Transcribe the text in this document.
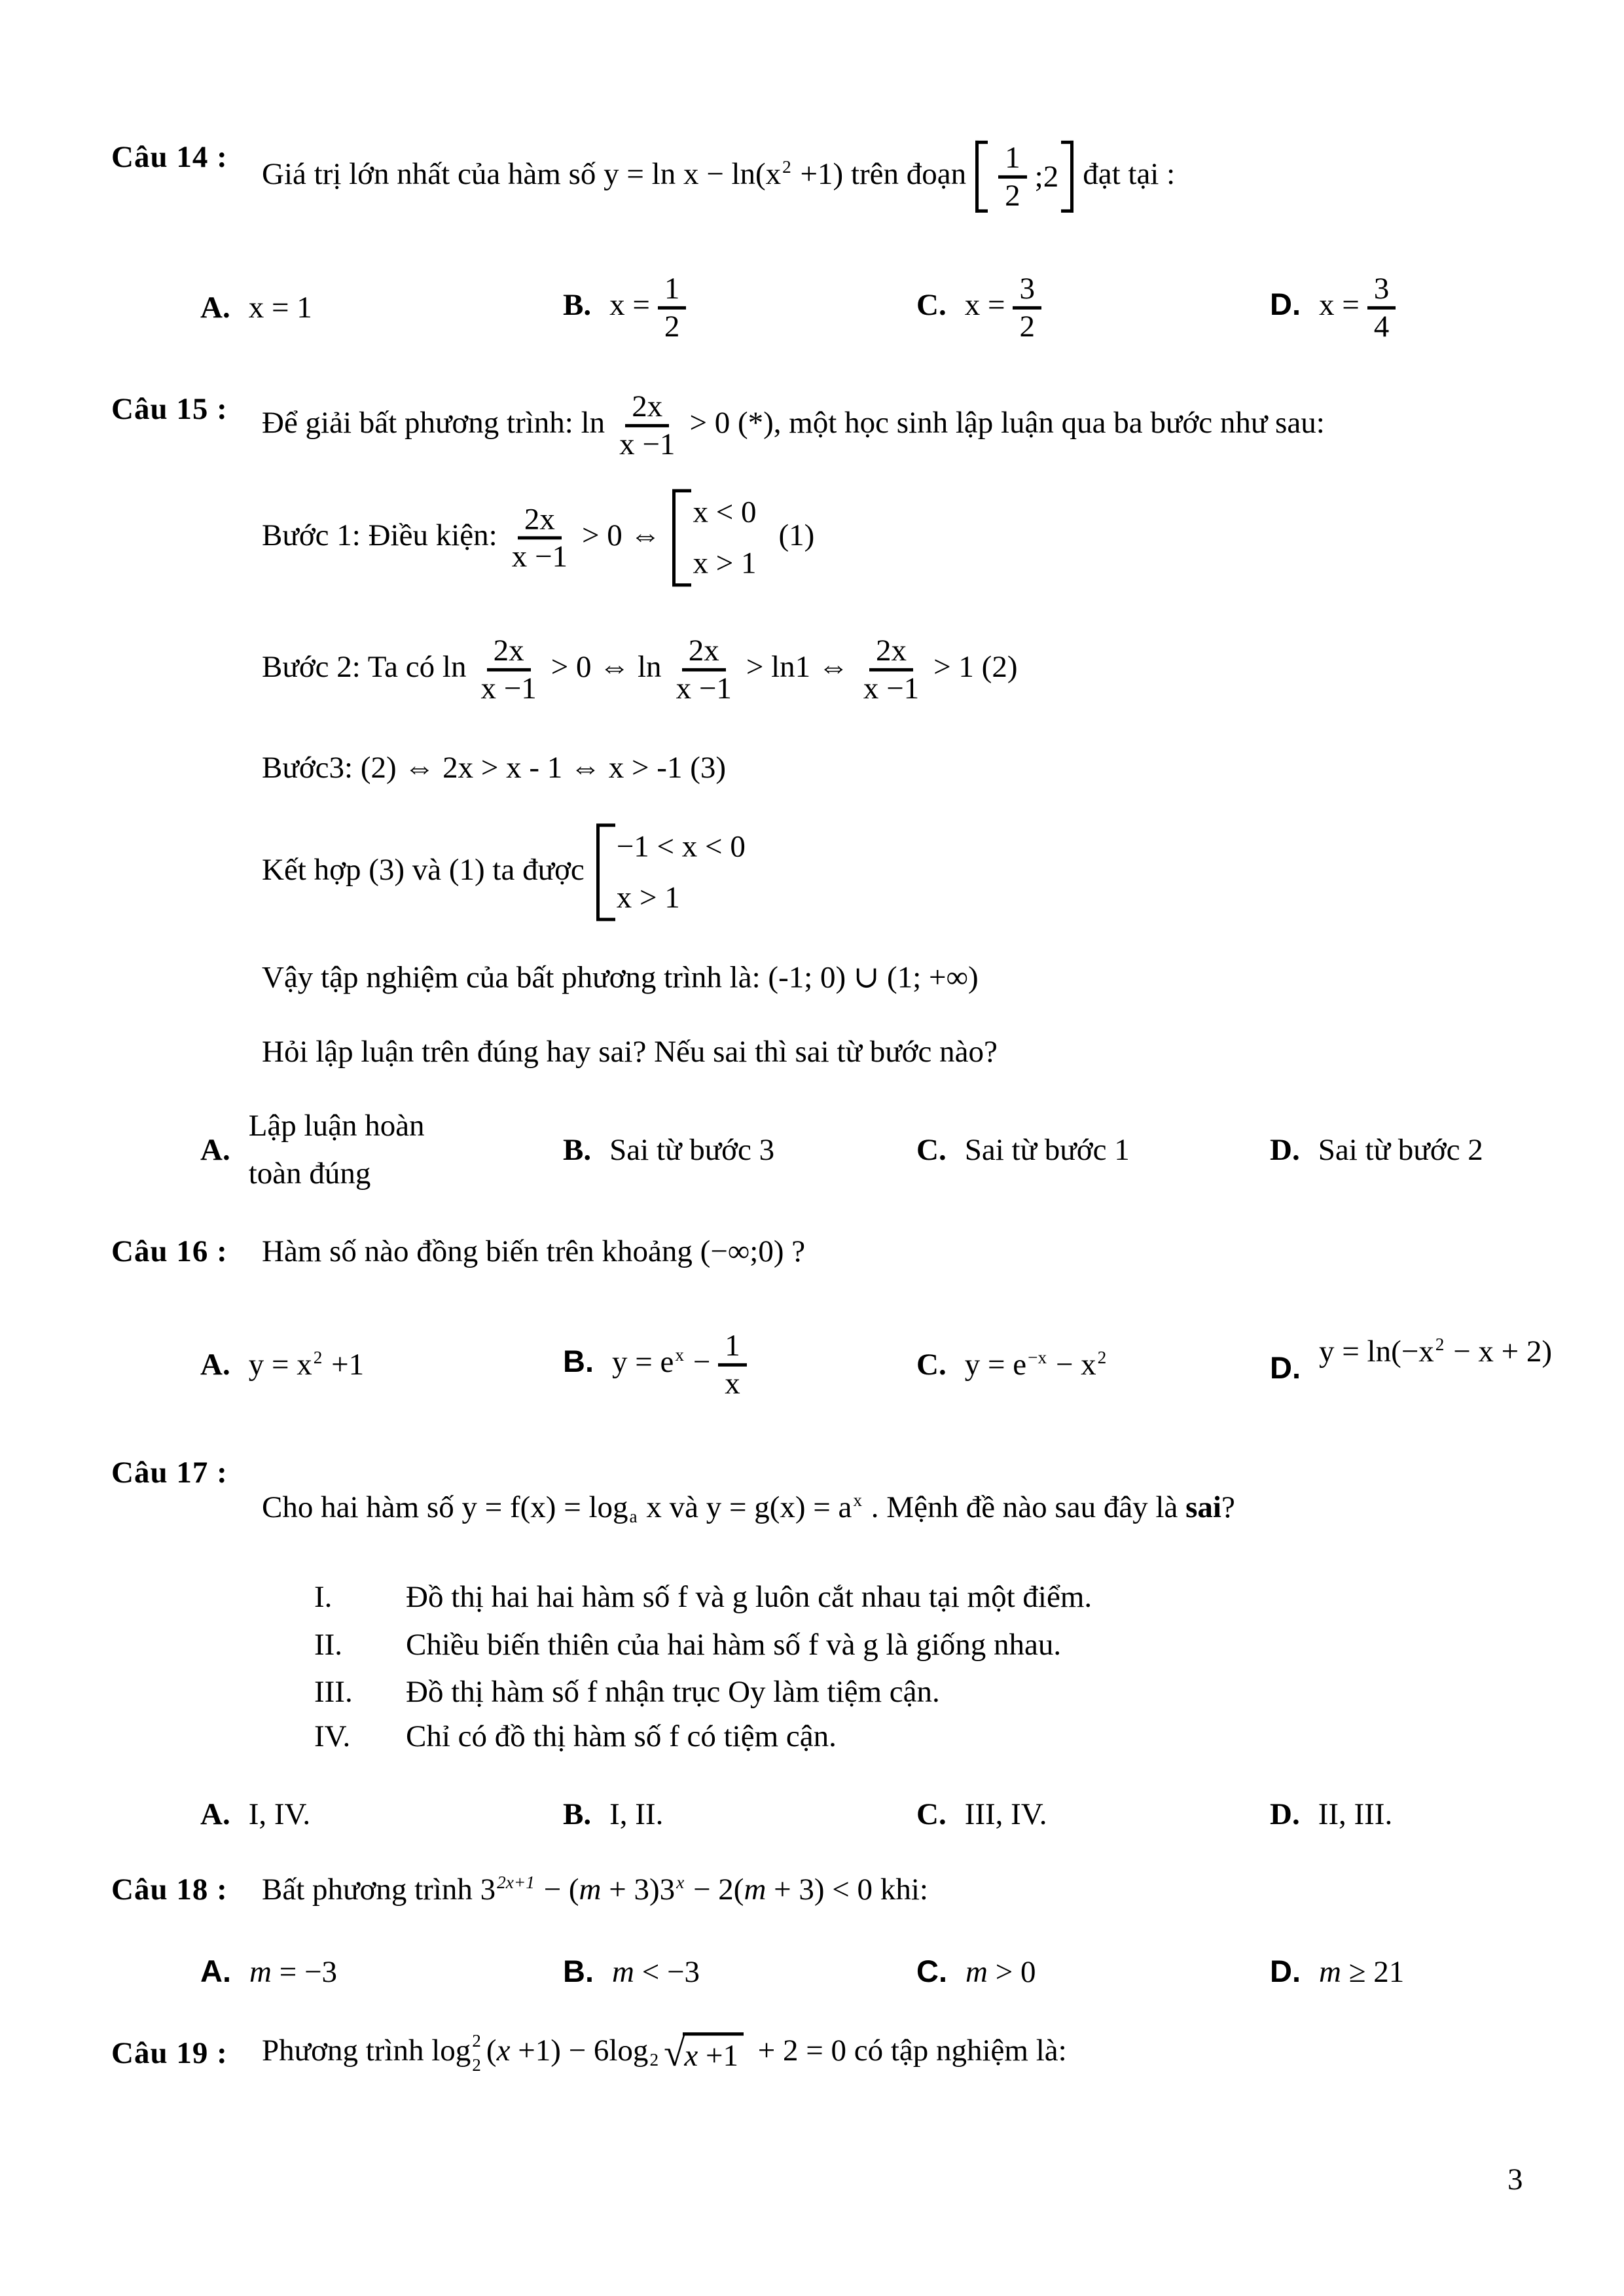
Câu 14 : Giá trị lớn nhất của hàm số $y = \ln x - \ln(x^2 +1)$ trên đoạn $\frac{1}{2}$ ;2 đạt tại :
A. x = 1	B. $x = \frac{1}{2}$	C. $x = \frac{3}{2}$	D. $x = \frac{3}{4}$
Câu 15 : Để giải bất phương trình: $\ln \frac{2x}{x -1} > 0$ (*), một học sinh lập luận qua ba bước như sau:
Bước 1: Điều kiện: $\frac{2x}{x -1} > 0$ ⇔
x < 0
x > 1
(1)
Bước 2: Ta có $\ln \frac{2x}{x -1} > 0$ ⇔ $\ln \frac{2x}{x -1} > \ln 1$ ⇔ $\frac{2x}{x -1} > 1$ (2)
Bước3: (2) ⇔ 2x > x - 1 ⇔ x > -1 (3)
Kết hợp (3) và (1) ta được
−1 < x < 0
x > 1
Vậy tập nghiệm của bất phương trình là: (-1; 0) ∪ (1; +∞)
Hỏi lập luận trên đúng hay sai? Nếu sai thì sai từ bước nào?
A.
Lập luận hoàn toàn đúng
B. Sai từ bước 3	C. Sai từ bước 1	D. Sai từ bước 2
Câu 16 : Hàm số nào đồng biến trên khoảng (−∞;0) ?
A. $y = x^2 +1$	B. $y = e^x - \frac{1}{x}$	C. $y = e^{-x} - x^2$	D. $y = \ln(-x^2 - x + 2)$
Câu 17 :
Cho hai hàm số y = f(x) = loga x và $y = g(x) = a^x$ . Mệnh đề nào sau đây là sai?
I. Đồ thị hai hai hàm số f và g luôn cắt nhau tại một điểm.
II. Chiều biến thiên của hai hàm số f và g là giống nhau.
III. Đồ thị hàm số f nhận trục Oy làm tiệm cận.
IV. Chỉ có đồ thị hàm số f có tiệm cận.
A. I, IV.	B. I, II.	C. III, IV.	D. II, III.
Câu 18 : Bất phương trình $3^{2x+1} - (m + 3)3^x - 2(m + 3) < 0$ khi:
A. m = −3	B. m < −3	C. m > 0	D. m ≥ 21
Câu 19 : Phương trình log 2
2 (x +1) − 6log2 √ x +1 + 2 = 0 có tập nghiệm là:
3
